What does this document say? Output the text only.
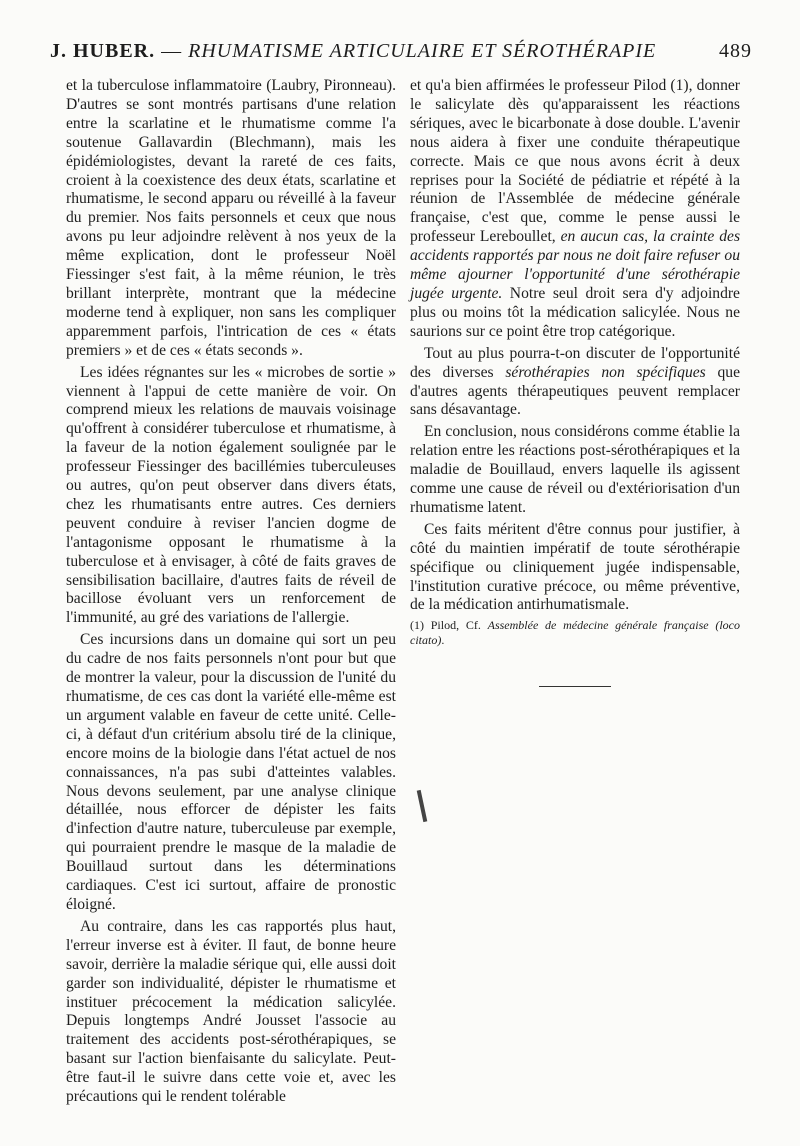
J. HUBER. — RHUMATISME ARTICULAIRE ET SÉROTHÉRAPIE	489

et la tuberculose inflammatoire (Laubry, Pironneau). D'autres se sont montrés partisans d'une relation entre la scarlatine et le rhumatisme comme l'a soutenue Gallavardin (Blechmann), mais les épidémiologistes, devant la rareté de ces faits, croient à la coexistence des deux états, scarlatine et rhumatisme, le second apparu ou réveillé à la faveur du premier. Nos faits personnels et ceux que nous avons pu leur adjoindre relèvent à nos yeux de la même explication, dont le professeur Noël Fiessinger s'est fait, à la même réunion, le très brillant interprète, montrant que la médecine moderne tend à expliquer, non sans les compliquer apparemment parfois, l'intrication de ces « états premiers » et de ces « états seconds ».

Les idées régnantes sur les « microbes de sortie » viennent à l'appui de cette manière de voir. On comprend mieux les relations de mauvais voisinage qu'offrent à considérer tuberculose et rhumatisme, à la faveur de la notion également soulignée par le professeur Fiessinger des bacillémies tuberculeuses ou autres, qu'on peut observer dans divers états, chez les rhumatisants entre autres. Ces derniers peuvent conduire à reviser l'ancien dogme de l'antagonisme opposant le rhumatisme à la tuberculose et à envisager, à côté de faits graves de sensibilisation bacillaire, d'autres faits de réveil de bacillose évoluant vers un renforcement de l'immunité, au gré des variations de l'allergie.

Ces incursions dans un domaine qui sort un peu du cadre de nos faits personnels n'ont pour but que de montrer la valeur, pour la discussion de l'unité du rhumatisme, de ces cas dont la variété elle-même est un argument valable en faveur de cette unité. Celle-ci, à défaut d'un critérium absolu tiré de la clinique, encore moins de la biologie dans l'état actuel de nos connaissances, n'a pas subi d'atteintes valables. Nous devons seulement, par une analyse clinique détaillée, nous efforcer de dépister les faits d'infection d'autre nature, tuberculeuse par exemple, qui pourraient prendre le masque de la maladie de Bouillaud surtout dans les déterminations cardiaques. C'est ici surtout, affaire de pronostic éloigné.

Au contraire, dans les cas rapportés plus haut, l'erreur inverse est à éviter. Il faut, de bonne heure savoir, derrière la maladie sérique qui, elle aussi doit garder son individualité, dépister le rhumatisme et instituer précocement la médication salicylée. Depuis longtemps André Jousset l'associe au traitement des accidents post-sérothérapiques, se basant sur l'action bienfaisante du salicylate. Peut-être faut-il le suivre dans cette voie et, avec les précautions qui le rendent tolérable

et qu'a bien affirmées le professeur Pilod (1), donner le salicylate dès qu'apparaissent les réactions sériques, avec le bicarbonate à dose double. L'avenir nous aidera à fixer une conduite thérapeutique correcte. Mais ce que nous avons écrit à deux reprises pour la Société de pédiatrie et répété à la réunion de l'Assemblée de médecine générale française, c'est que, comme le pense aussi le professeur Lereboullet, en aucun cas, la crainte des accidents rapportés par nous ne doit faire refuser ou même ajourner l'opportunité d'une sérothérapie jugée urgente. Notre seul droit sera d'y adjoindre plus ou moins tôt la médication salicylée. Nous ne saurions sur ce point être trop catégorique.

Tout au plus pourra-t-on discuter de l'opportunité des diverses sérothérapies non spécifiques que d'autres agents thérapeutiques peuvent remplacer sans désavantage.

En conclusion, nous considérons comme établie la relation entre les réactions post-sérothérapiques et la maladie de Bouillaud, envers laquelle ils agissent comme une cause de réveil ou d'extériorisation d'un rhumatisme latent.

Ces faits méritent d'être connus pour justifier, à côté du maintien impératif de toute sérothérapie spécifique ou cliniquement jugée indispensable, l'institution curative précoce, ou même préventive, de la médication antirhumatismale.

(1) Pilod, Cf. Assemblée de médecine générale française (loco citato).
